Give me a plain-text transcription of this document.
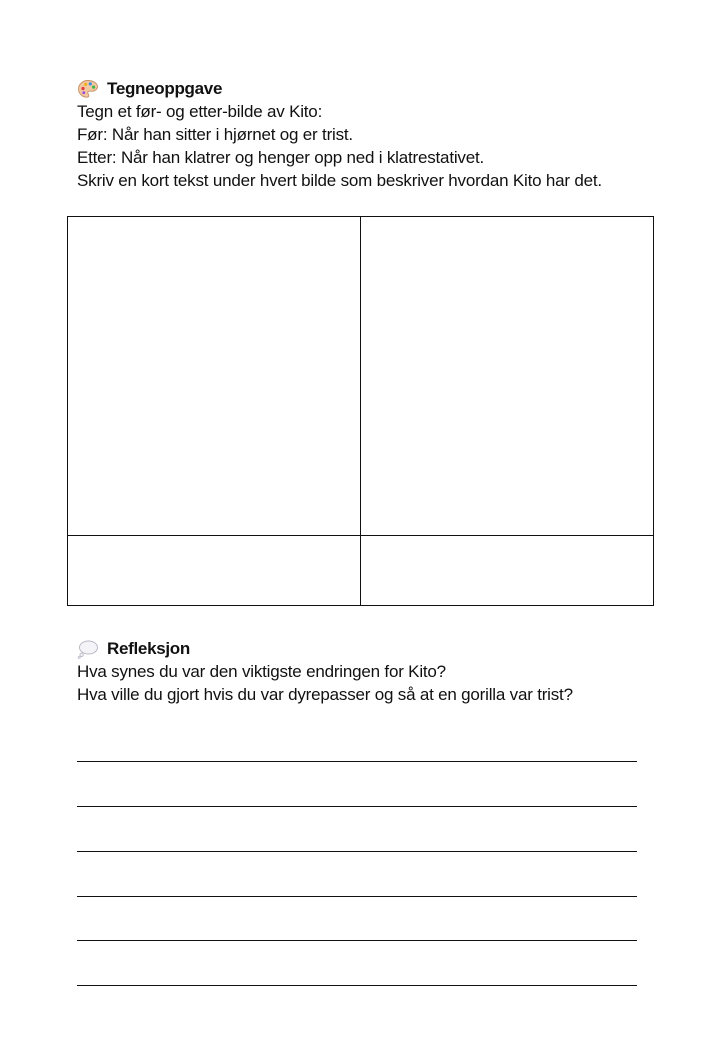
Tegneoppgave

Tegn et før- og etter-bilde av Kito:

Før: Når han sitter i hjørnet og er trist.

Etter: Når han klatrer og henger opp ned i klatrestativet.

Skriv en kort tekst under hvert bilde som beskriver hvordan Kito har det.

Refleksjon

Hva synes du var den viktigste endringen for Kito?

Hva ville du gjort hvis du var dyrepasser og så at en gorilla var trist?
